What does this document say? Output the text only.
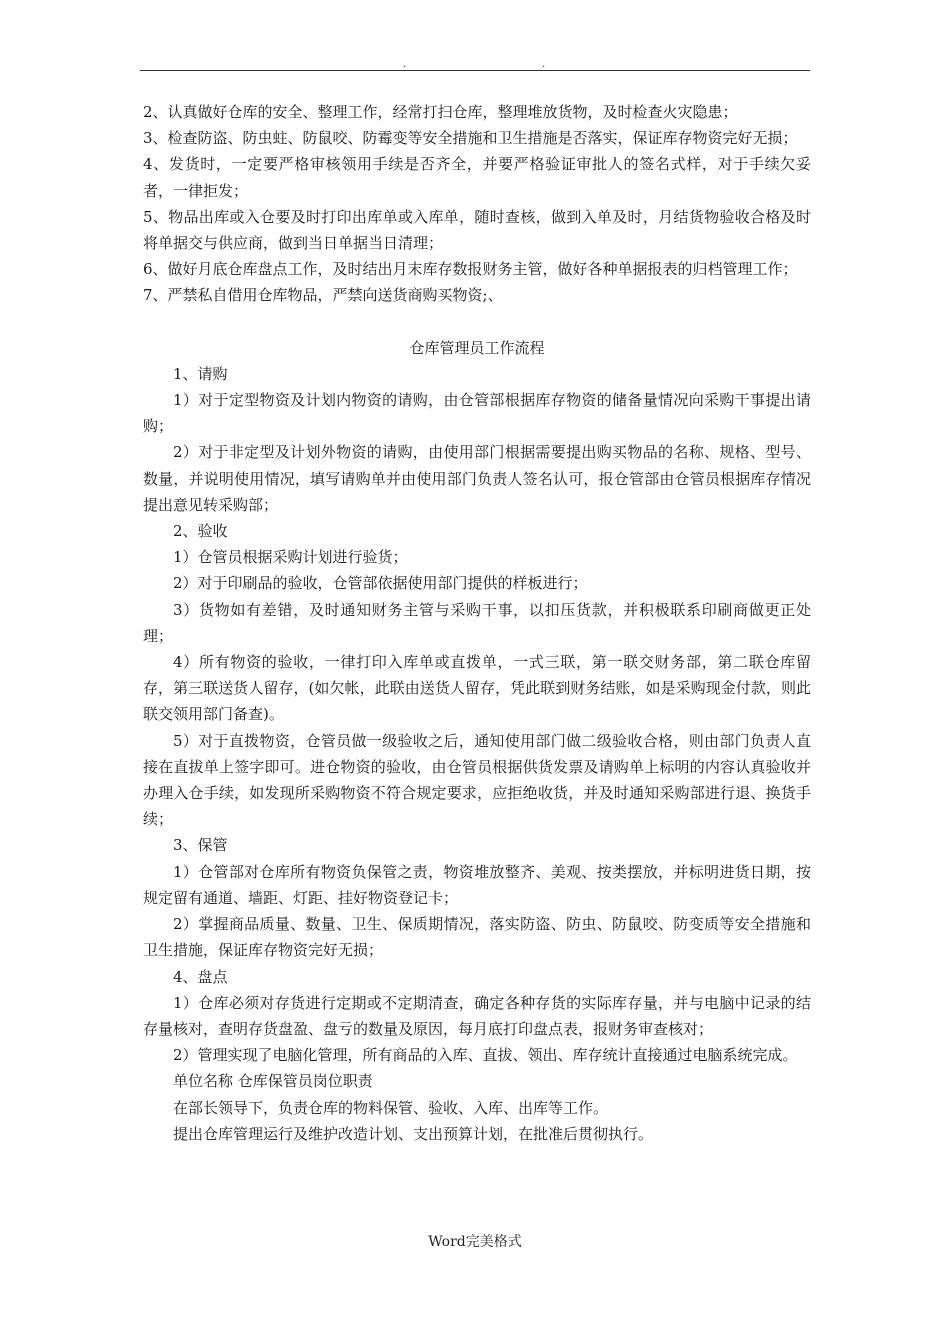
.	.

2、认真做好仓库的安全、整理工作，经常打扫仓库，整理堆放货物，及时检查火灾隐患；

3、检查防盗、防虫蛀、防鼠咬、防霉变等安全措施和卫生措施是否落实，保证库存物资完好无损；

4、发货时，一定要严格审核领用手续是否齐全，并要严格验证审批人的签名式样，对于手续欠妥者，一律拒发；

5、物品出库或入仓要及时打印出库单或入库单，随时查核，做到入单及时，月结货物验收合格及时将单据交与供应商，做到当日单据当日清理；

6、做好月底仓库盘点工作，及时结出月末库存数报财务主管，做好各种单据报表的归档管理工作；

7、严禁私自借用仓库物品，严禁向送货商购买物资;、

仓库管理员工作流程

1、请购

1）对于定型物资及计划内物资的请购，由仓管部根据库存物资的储备量情况向采购干事提出请购；

2）对于非定型及计划外物资的请购，由使用部门根据需要提出购买物品的名称、规格、型号、数量，并说明使用情况，填写请购单并由使用部门负责人签名认可，报仓管部由仓管员根据库存情况提出意见转采购部；

2、验收

1）仓管员根据采购计划进行验货；

2）对于印刷品的验收，仓管部依据使用部门提供的样板进行；

3）货物如有差错，及时通知财务主管与采购干事，以扣压货款，并积极联系印刷商做更正处理；

4）所有物资的验收，一律打印入库单或直拨单，一式三联，第一联交财务部，第二联仓库留存，第三联送货人留存，(如欠帐，此联由送货人留存，凭此联到财务结账，如是采购现金付款，则此联交领用部门备查)。

5）对于直拨物资，仓管员做一级验收之后，通知使用部门做二级验收合格，则由部门负责人直接在直拔单上签字即可。进仓物资的验收，由仓管员根据供货发票及请购单上标明的内容认真验收并办理入仓手续，如发现所采购物资不符合规定要求，应拒绝收货，并及时通知采购部进行退、换货手续；

3、保管

1）仓管部对仓库所有物资负保管之责，物资堆放整齐、美观、按类摆放，并标明进货日期，按规定留有通道、墙距、灯距、挂好物资登记卡；

2）掌握商品质量、数量、卫生、保质期情况，落实防盗、防虫、防鼠咬、防变质等安全措施和卫生措施，保证库存物资完好无损；

4、盘点

1）仓库必须对存货进行定期或不定期清查，确定各种存货的实际库存量，并与电脑中记录的结存量核对，查明存货盘盈、盘亏的数量及原因，每月底打印盘点表，报财务审查核对；

2）管理实现了电脑化管理，所有商品的入库、直拔、领出、库存统计直接通过电脑系统完成。

单位名称 仓库保管员岗位职责

在部长领导下，负责仓库的物料保管、验收、入库、出库等工作。

提出仓库管理运行及维护改造计划、支出预算计划，在批准后贯彻执行。

Word完美格式
